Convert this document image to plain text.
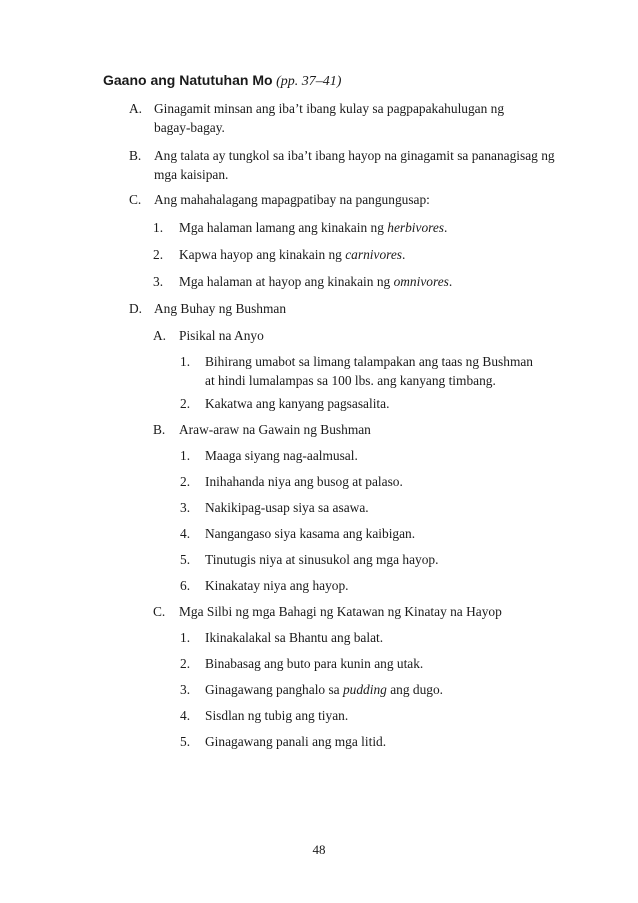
Gaano ang Natutuhan Mo (pp. 37–41)
A. Ginagamit minsan ang iba’t ibang kulay sa pagpapakahulugan ng
bagay-bagay.
B. Ang talata ay tungkol sa iba’t ibang hayop na ginagamit sa pananagisag ng
mga kaisipan.
C. Ang mahahalagang mapagpatibay na pangungusap:
1. Mga halaman lamang ang kinakain ng herbivores.
2. Kapwa hayop ang kinakain ng carnivores.
3. Mga halaman at hayop ang kinakain ng omnivores.
D. Ang Buhay ng Bushman
A. Pisikal na Anyo
1. Bihirang umabot sa limang talampakan ang taas ng Bushman
at hindi lumalampas sa 100 lbs. ang kanyang timbang.
2. Kakatwa ang kanyang pagsasalita.
B. Araw-araw na Gawain ng Bushman
1. Maaga siyang nag-aalmusal.
2. Inihahanda niya ang busog at palaso.
3. Nakikipag-usap siya sa asawa.
4. Nangangaso siya kasama ang kaibigan.
5. Tinutugis niya at sinusukol ang mga hayop.
6. Kinakatay niya ang hayop.
C. Mga Silbi ng mga Bahagi ng Katawan ng Kinatay na Hayop
1. Ikinakalakal sa Bhantu ang balat.
2. Binabasag ang buto para kunin ang utak.
3. Ginagawang panghalo sa pudding ang dugo.
4. Sisdlan ng tubig ang tiyan.
5. Ginagawang panali ang mga litid.
48
